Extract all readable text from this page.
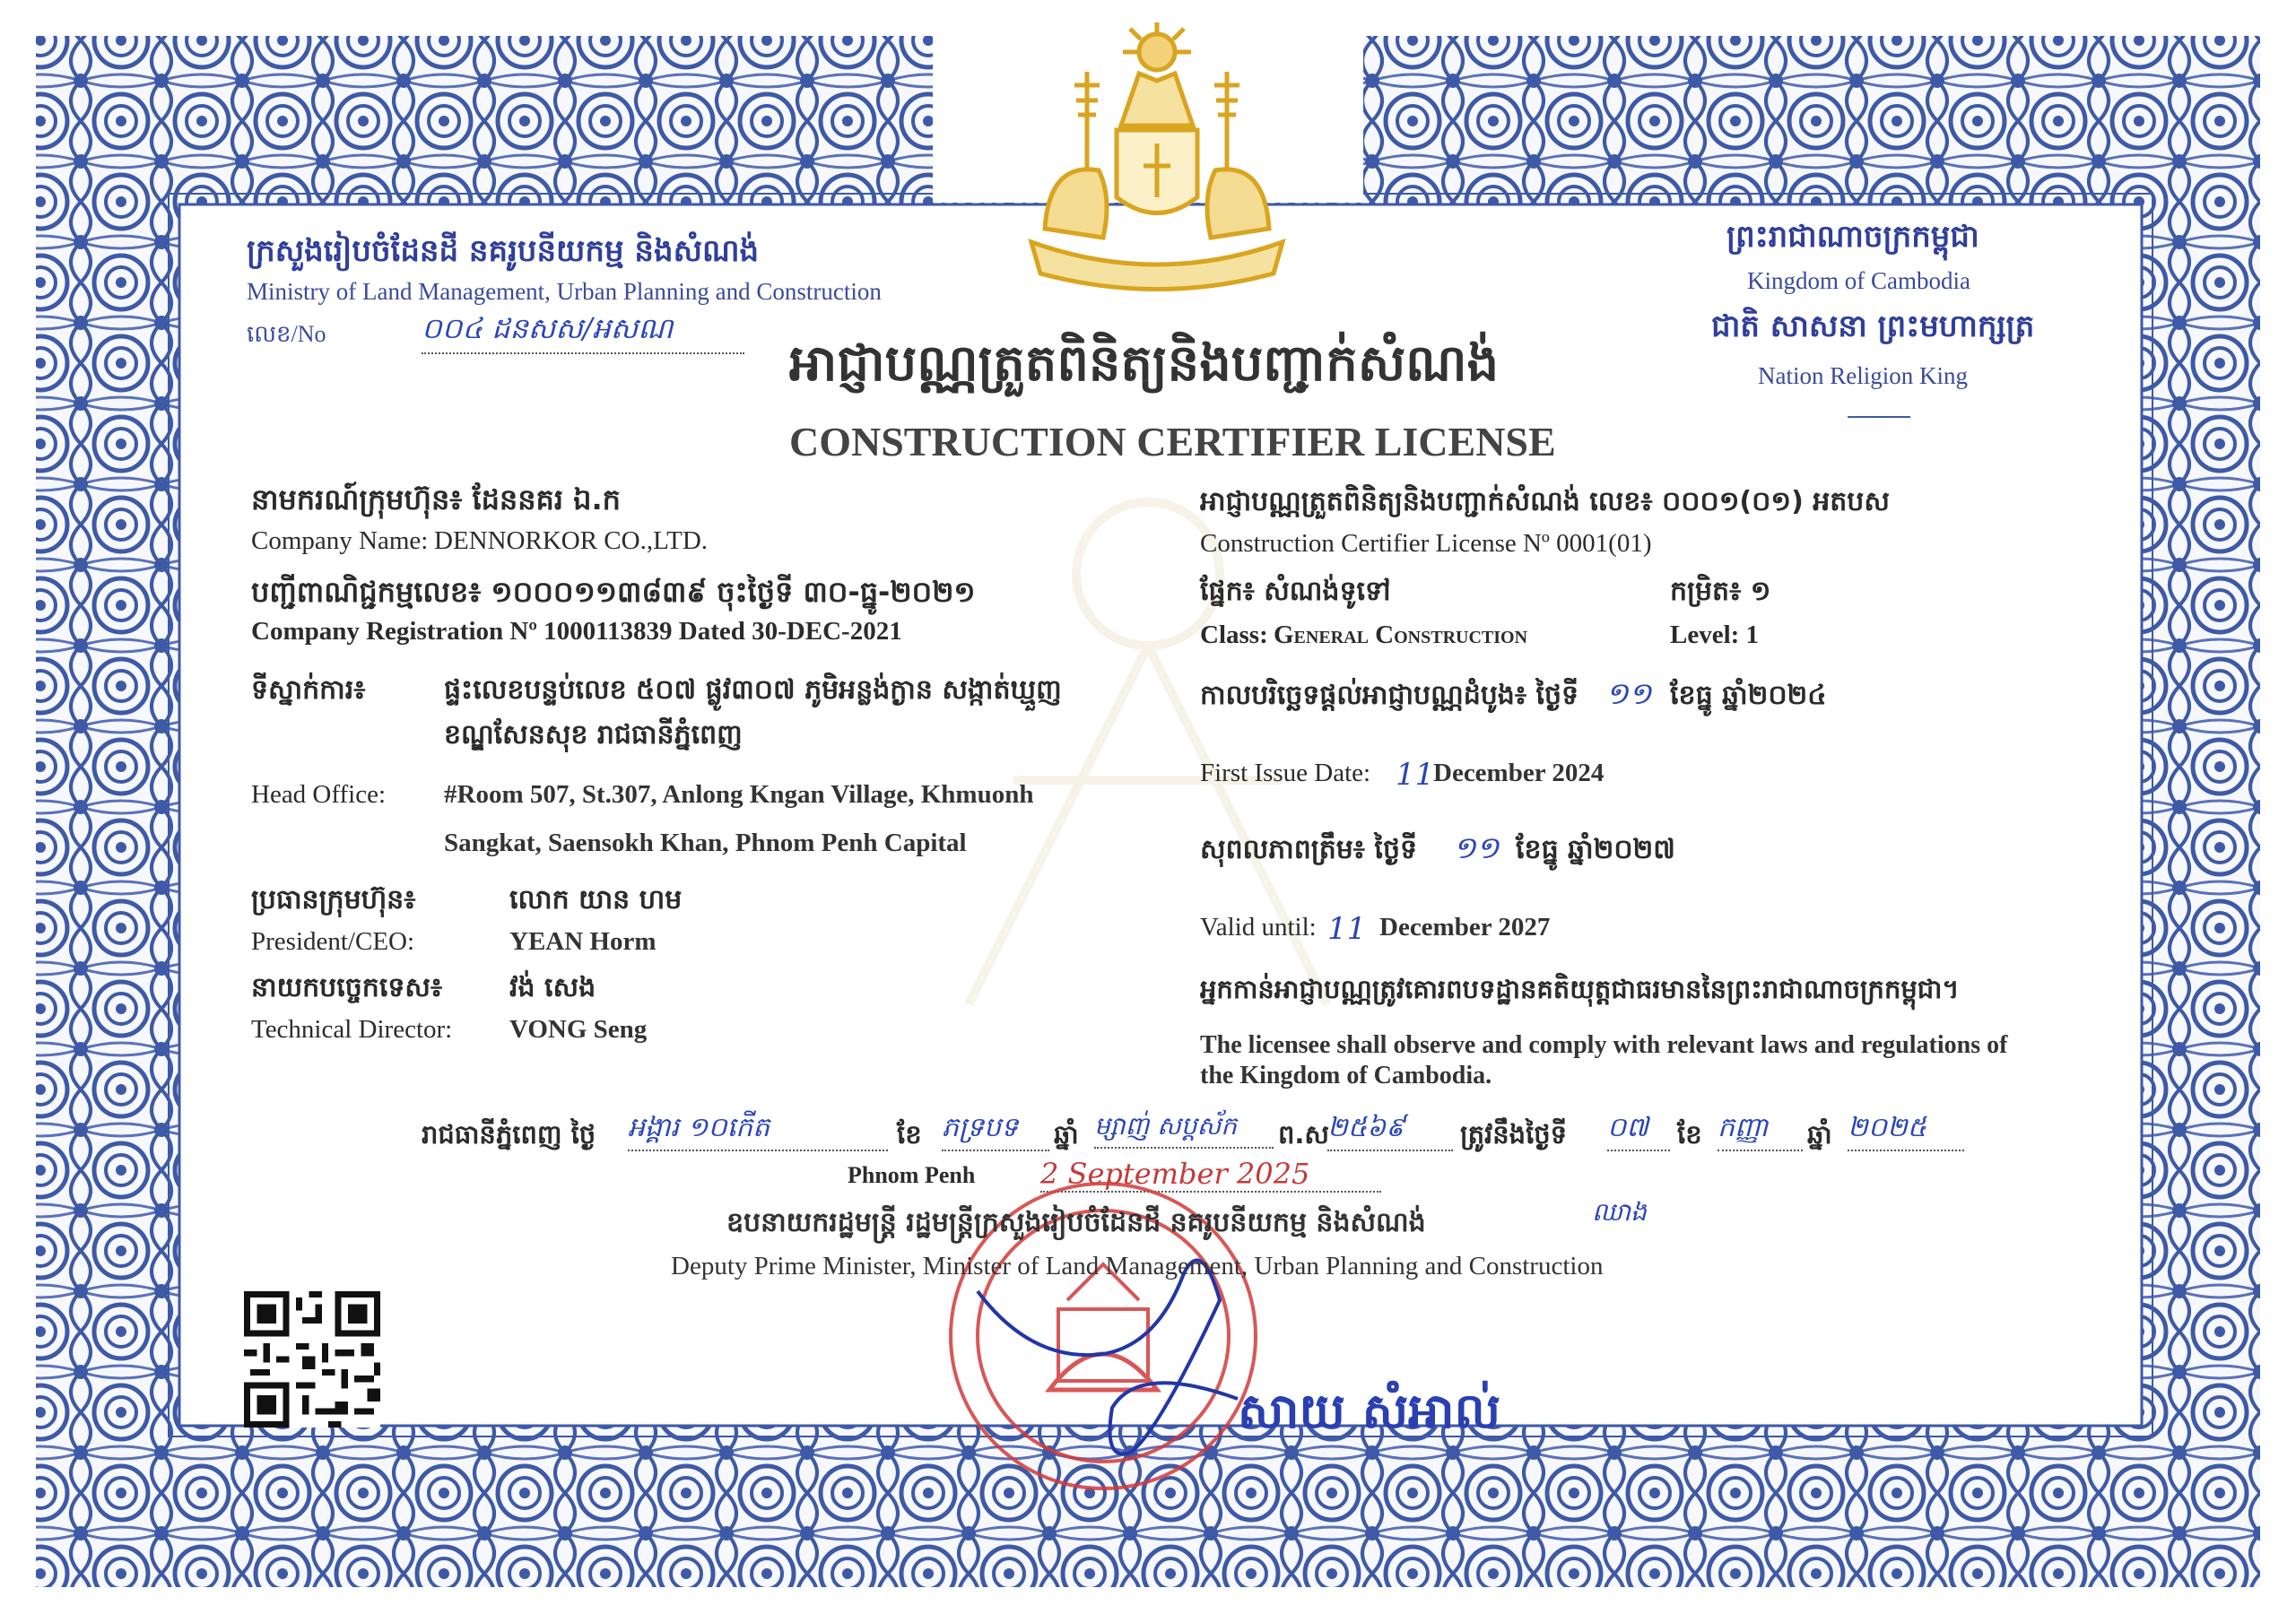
ក្រសួងរៀបចំដែនដី នគរូបនីយកម្ម និងសំណង់
Ministry of Land Management, Urban Planning and Construction
លេខ/No	០០៤ ដនសស/អសណ
ព្រះរាជាណាចក្រកម្ពុជា
Kingdom of Cambodia
ជាតិ សាសនា ព្រះមហាក្សត្រ
Nation Religion King
អាជ្ញាបណ្ណត្រួតពិនិត្យនិងបញ្ជាក់សំណង់
CONSTRUCTION CERTIFIER LICENSE
នាមករណ៍ក្រុមហ៊ុន៖ ដែននគរ ឯ.ក
Company Name: DENNORKOR CO.,LTD.
បញ្ជីពាណិជ្ជកម្មលេខ៖ ១០០០១១៣៨៣៩ ចុះថ្ងៃទី ៣០-ធ្នូ-២០២១
Company Registration Nº 1000113839 Dated 30-DEC-2021
ទីស្នាក់ការ៖	ផ្ទះលេខបន្ទប់លេខ ៥០៧ ផ្លូវ៣០៧ ភូមិអន្លង់ក្ងាន សង្កាត់ឃ្មួញ
ខណ្ឌសែនសុខ រាជធានីភ្នំពេញ
Head Office: #Room 507, St.307, Anlong Kngan Village, Khmuonh
Sangkat, Saensokh Khan, Phnom Penh Capital
ប្រធានក្រុមហ៊ុន៖	លោក យាន ហម
President/CEO:	YEAN Horm
នាយកបច្ចេកទេស៖ វង់ សេង
Technical Director: VONG Seng
អាជ្ញាបណ្ណត្រួតពិនិត្យនិងបញ្ជាក់សំណង់ លេខ៖ ០០០១(០១) អតបស
Construction Certifier License Nº 0001(01)
ផ្នែក៖ សំណង់ទូទៅ	កម្រិត៖ ១
Class: General Construction	Level: 1
កាលបរិច្ឆេទផ្តល់អាជ្ញាបណ្ណដំបូង៖ ថ្ងៃទី ១១ ខែធ្នូ ឆ្នាំ២០២៤
First Issue Date: 11
December 2024
សុពលភាពត្រឹម៖ ថ្ងៃទី ១១ ខែធ្នូ ឆ្នាំ២០២៧
Valid until: 11 December 2027
អ្នកកាន់អាជ្ញាបណ្ណត្រូវគោរពបទដ្ឋានគតិយុត្តជាធរមាននៃព្រះរាជាណាចក្រកម្ពុជា។
The licensee shall observe and comply with relevant laws and regulations of
the Kingdom of Cambodia.
រាជធានីភ្នំពេញ ថ្ងៃ អង្គារ ១០កើត	ខែ ភទ្របទ	ឆ្នាំ ម្សាញ់ សប្តស័ក	ព.ស
២៥៦៩	ត្រូវនឹងថ្ងៃទី ០៧	ខែ កញ្ញា	ឆ្នាំ ២០២៥
Phnom Penh 2 September 2025
ឧបនាយករដ្ឋមន្ត្រី រដ្ឋមន្ត្រីក្រសួងរៀបចំដែនដី នគរូបនីយកម្ម និងសំណង់	ឈាង
Deputy Prime Minister, Minister of Land Management, Urban Planning and Construction
សាយ សំអាល់
